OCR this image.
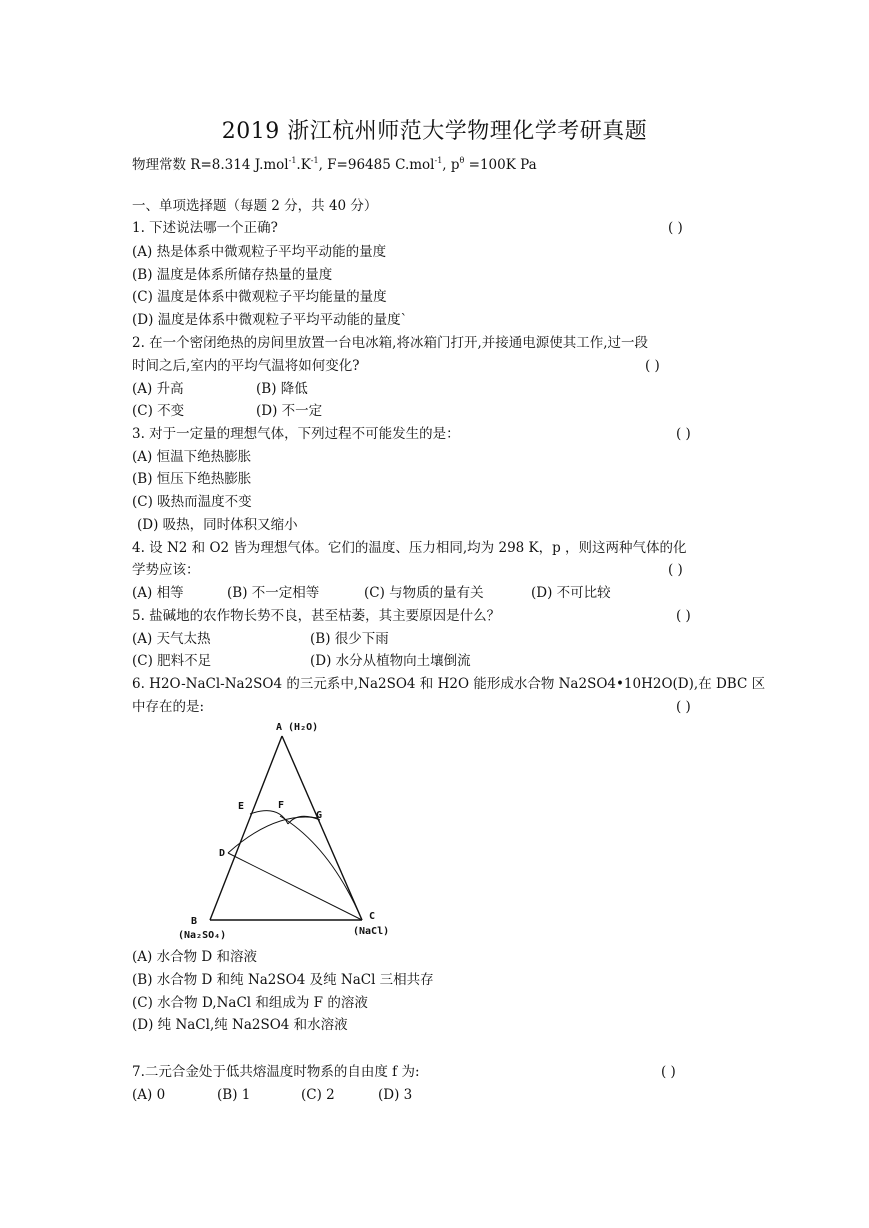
2019 浙江杭州师范大学物理化学考研真题
物理常数 R=8.314 $J.mol^{-1}.K^{-1}$, F=96485 C.mol$^{-1}$, $p^\theta =100K$ Pa
一、单项选择题（每题 2 分，共 40 分）
1. 下述说法哪一个正确?	( )
(A) 热是体系中微观粒子平均平动能的量度
(B) 温度是体系所储存热量的量度
(C) 温度是体系中微观粒子平均能量的量度
(D) 温度是体系中微观粒子平均平动能的量度`
2. 在一个密闭绝热的房间里放置一台电冰箱,将冰箱门打开,并接通电源使其工作,过一段
时间之后,室内的平均气温将如何变化?	( )
(A) 升高	(B) 降低
(C) 不变	(D) 不一定
3. 对于一定量的理想气体，下列过程不可能发生的是：	( )
(A) 恒温下绝热膨胀
(B) 恒压下绝热膨胀
(C) 吸热而温度不变
(D) 吸热，同时体积又缩小
4. 设 N2 和 O2 皆为理想气体。它们的温度、压力相同,均为 298 K，p ，则这两种气体的化
学势应该：	( )
(A) 相等	(B) 不一定相等	(C) 与物质的量有关	(D) 不可比较
5. 盐碱地的农作物长势不良，甚至枯萎，其主要原因是什么？	( )
(A) 天气太热	(B) 很少下雨
(C) 肥料不足	(D) 水分从植物向土壤倒流
6. H2O-NaCl-Na2SO4 的三元系中,Na2SO4 和 H2O 能形成水合物 Na2SO4•10H2O(D),在 DBC 区
中存在的是:	( )
A (H₂O)
E	F
G
D
B
(Na₂SO₄)
C
(NaCl)
(A) 水合物 D 和溶液
(B) 水合物 D 和纯 Na2SO4 及纯 NaCl 三相共存
(C) 水合物 D,NaCl 和组成为 F 的溶液
(D) 纯 NaCl,纯 Na2SO4 和水溶液
7.二元合金处于低共熔温度时物系的自由度 f 为:	( )
(A) 0	(B) 1	(C) 2	(D) 3
